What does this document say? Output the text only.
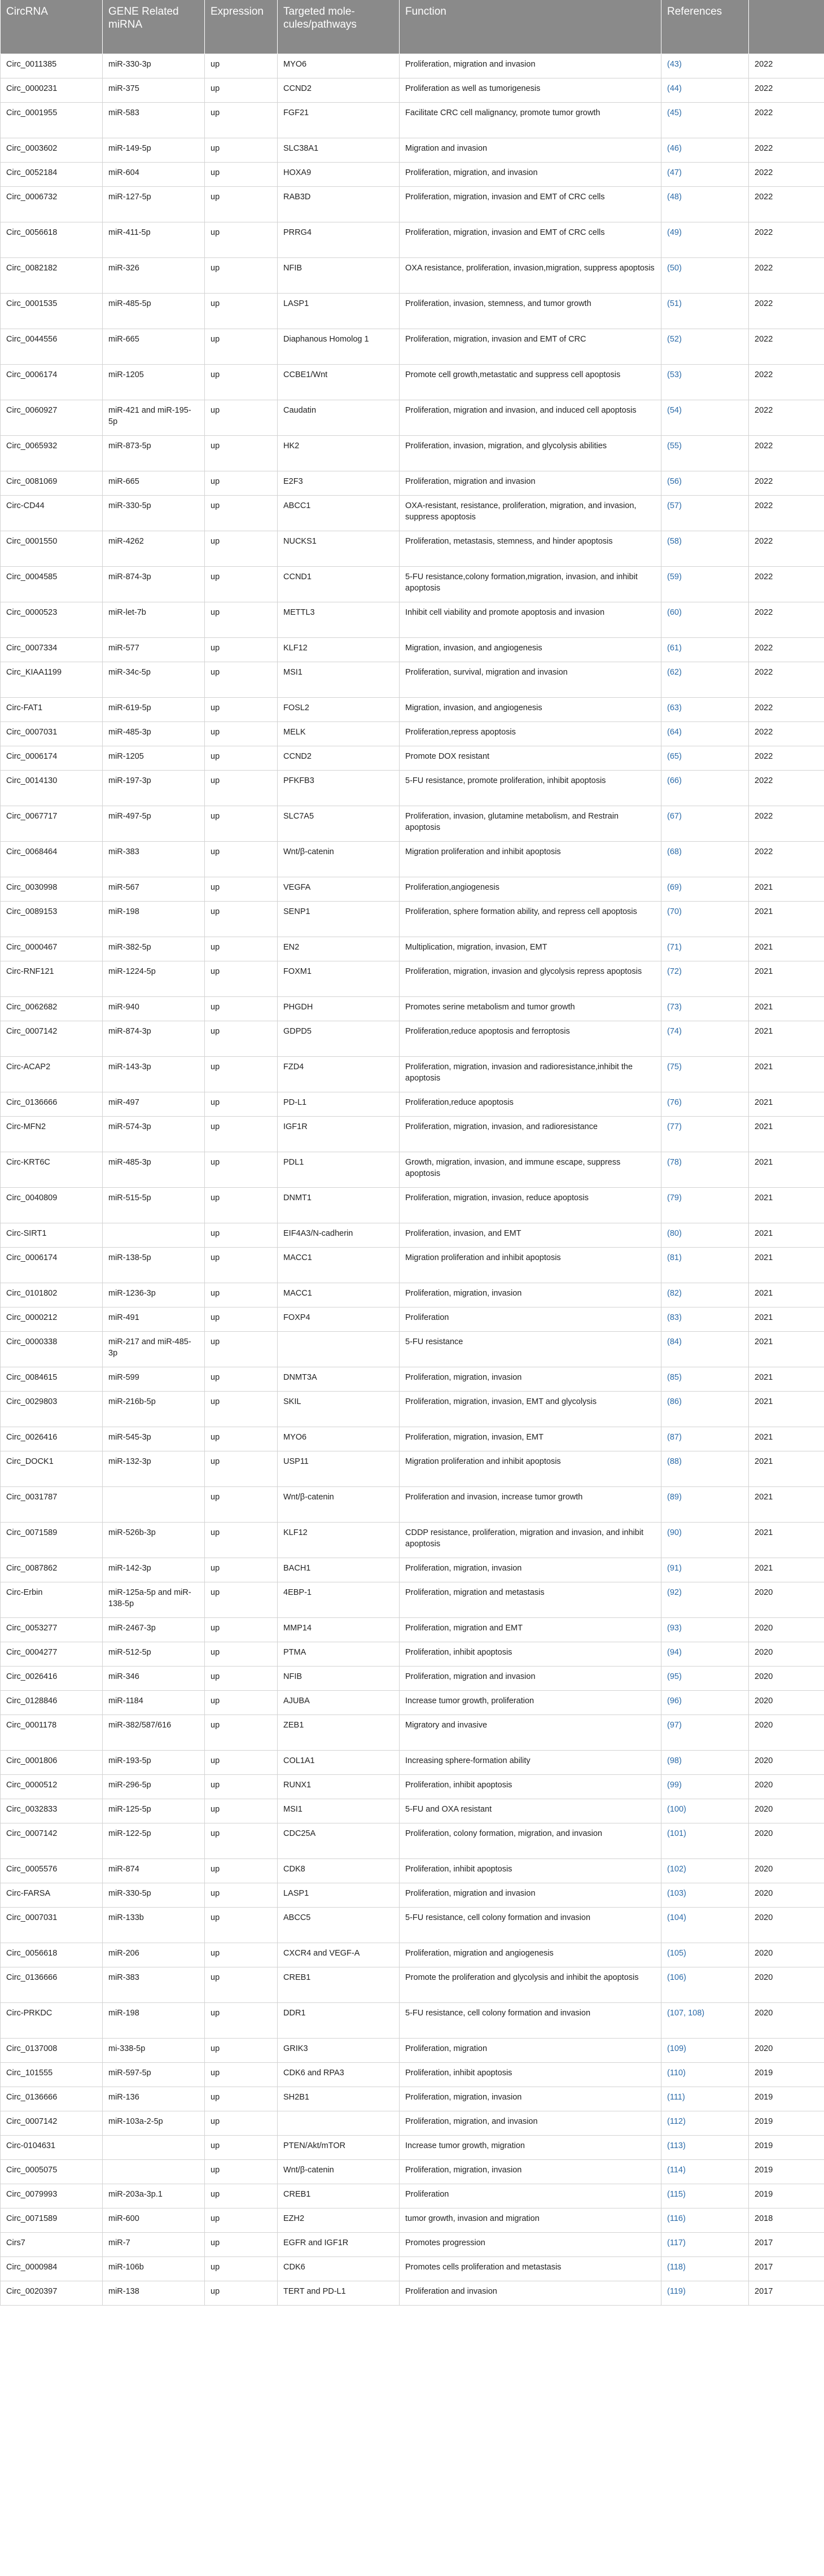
CircRNA	GENE Related miRNA	Expression	Targeted mole-cules/pathways	Function	References	
Circ_0011385	miR-330-3p	up	MYO6	Proliferation, migration and invasion	(43)	2022
Circ_0000231	miR-375	up	CCND2	Proliferation as well as tumorigenesis	(44)	2022
Circ_0001955	miR-583	up	FGF21	Facilitate CRC cell malignancy, promote tumor growth	(45)	2022
Circ_0003602	miR-149-5p	up	SLC38A1	Migration and invasion	(46)	2022
Circ_0052184	miR-604	up	HOXA9	Proliferation, migration, and invasion	(47)	2022
Circ_0006732	miR-127-5p	up	RAB3D	Proliferation, migration, invasion and EMT of CRC cells	(48)	2022
Circ_0056618	miR-411-5p	up	PRRG4	Proliferation, migration, invasion and EMT of CRC cells	(49)	2022
Circ_0082182	miR-326	up	NFIB	OXA resistance, proliferation, invasion,migration, suppress apoptosis	(50)	2022
Circ_0001535	miR-485-5p	up	LASP1	Proliferation, invasion, stemness, and tumor growth	(51)	2022
Circ_0044556	miR-665	up	Diaphanous Homolog 1	Proliferation, migration, invasion and EMT of CRC	(52)	2022
Circ_0006174	miR-1205	up	CCBE1/Wnt	Promote cell growth,metastatic and suppress cell apoptosis	(53)	2022
Circ_0060927	miR-421 and miR-195-5p	up	Caudatin	Proliferation, migration and invasion, and induced cell apoptosis	(54)	2022
Circ_0065932	miR-873-5p	up	HK2	Proliferation, invasion, migration, and glycolysis abilities	(55)	2022
Circ_0081069	miR-665	up	E2F3	Proliferation, migration and invasion	(56)	2022
Circ-CD44	miR-330-5p	up	ABCC1	OXA-resistant, resistance, proliferation, migration, and invasion, suppress apoptosis	(57)	2022
Circ_0001550	miR-4262	up	NUCKS1	Proliferation, metastasis, stemness, and hinder apoptosis	(58)	2022
Circ_0004585	miR-874-3p	up	CCND1	5-FU resistance,colony formation,migration, invasion, and inhibit apoptosis	(59)	2022
Circ_0000523	miR-let-7b	up	METTL3	Inhibit cell viability and promote apoptosis and invasion	(60)	2022
Circ_0007334	miR-577	up	KLF12	Migration, invasion, and angiogenesis	(61)	2022
Circ_KIAA1199	miR-34c-5p	up	MSI1	Proliferation, survival, migration and invasion	(62)	2022
Circ-FAT1	miR-619-5p	up	FOSL2	Migration, invasion, and angiogenesis	(63)	2022
Circ_0007031	miR-485-3p	up	MELK	Proliferation,repress apoptosis	(64)	2022
Circ_0006174	miR-1205	up	CCND2	Promote DOX resistant	(65)	2022
Circ_0014130	miR-197-3p	up	PFKFB3	5-FU resistance, promote proliferation, inhibit apoptosis	(66)	2022
Circ_0067717	miR-497-5p	up	SLC7A5	Proliferation, invasion, glutamine metabolism, and Restrain apoptosis	(67)	2022
Circ_0068464	miR-383	up	Wnt/β-catenin	Migration proliferation and inhibit apoptosis	(68)	2022
Circ_0030998	miR-567	up	VEGFA	Proliferation,angiogenesis	(69)	2021
Circ_0089153	miR-198	up	SENP1	Proliferation, sphere formation ability, and repress cell apoptosis	(70)	2021
Circ_0000467	miR-382-5p	up	EN2	Multiplication, migration, invasion, EMT	(71)	2021
Circ-RNF121	miR-1224-5p	up	FOXM1	Proliferation, migration, invasion and glycolysis repress apoptosis	(72)	2021
Circ_0062682	miR-940	up	PHGDH	Promotes serine metabolism and tumor growth	(73)	2021
Circ_0007142	miR-874-3p	up	GDPD5	Proliferation,reduce apoptosis and ferroptosis	(74)	2021
Circ-ACAP2	miR-143-3p	up	FZD4	Proliferation, migration, invasion and radioresistance,inhibit the apoptosis	(75)	2021
Circ_0136666	miR-497	up	PD-L1	Proliferation,reduce apoptosis	(76)	2021
Circ-MFN2	miR-574-3p	up	IGF1R	Proliferation, migration, invasion, and radioresistance	(77)	2021
Circ-KRT6C	miR-485-3p	up	PDL1	Growth, migration, invasion, and immune escape, suppress apoptosis	(78)	2021
Circ_0040809	miR-515-5p	up	DNMT1	Proliferation, migration, invasion, reduce apoptosis	(79)	2021
Circ-SIRT1		up	EIF4A3/N-cadherin	Proliferation, invasion, and EMT	(80)	2021
Circ_0006174	miR-138-5p	up	MACC1	Migration proliferation and inhibit apoptosis	(81)	2021
Circ_0101802	miR-1236-3p	up	MACC1	Proliferation, migration, invasion	(82)	2021
Circ_0000212	miR-491	up	FOXP4	Proliferation	(83)	2021
Circ_0000338	miR-217 and miR-485-3p	up		5-FU resistance	(84)	2021
Circ_0084615	miR-599	up	DNMT3A	Proliferation, migration, invasion	(85)	2021
Circ_0029803	miR-216b-5p	up	SKIL	Proliferation, migration, invasion, EMT and glycolysis	(86)	2021
Circ_0026416	miR-545-3p	up	MYO6	Proliferation, migration, invasion, EMT	(87)	2021
Circ_DOCK1	miR-132-3p	up	USP11	Migration proliferation and inhibit apoptosis	(88)	2021
Circ_0031787		up	Wnt/β-catenin	Proliferation and invasion, increase tumor growth	(89)	2021
Circ_0071589	miR-526b-3p	up	KLF12	CDDP resistance, proliferation, migration and invasion, and inhibit apoptosis	(90)	2021
Circ_0087862	miR-142-3p	up	BACH1	Proliferation, migration, invasion	(91)	2021
Circ-Erbin	miR-125a-5p and miR-138-5p	up	4EBP-1	Proliferation, migration and metastasis	(92)	2020
Circ_0053277	miR-2467-3p	up	MMP14	Proliferation, migration and EMT	(93)	2020
Circ_0004277	miR-512-5p	up	PTMA	Proliferation, inhibit apoptosis	(94)	2020
Circ_0026416	miR-346	up	NFIB	Proliferation, migration and invasion	(95)	2020
Circ_0128846	miR-1184	up	AJUBA	Increase tumor growth, proliferation	(96)	2020
Circ_0001178	miR-382/587/616	up	ZEB1	Migratory and invasive	(97)	2020
Circ_0001806	miR-193-5p	up	COL1A1	Increasing sphere-formation ability	(98)	2020
Circ_0000512	miR-296-5p	up	RUNX1	Proliferation, inhibit apoptosis	(99)	2020
Circ_0032833	miR-125-5p	up	MSI1	5-FU and OXA resistant	(100)	2020
Circ_0007142	miR-122-5p	up	CDC25A	Proliferation, colony formation, migration, and invasion	(101)	2020
Circ_0005576	miR-874	up	CDK8	Proliferation, inhibit apoptosis	(102)	2020
Circ-FARSA	miR-330-5p	up	LASP1	Proliferation, migration and invasion	(103)	2020
Circ_0007031	miR-133b	up	ABCC5	5-FU resistance, cell colony formation and invasion	(104)	2020
Circ_0056618	miR-206	up	CXCR4 and VEGF-A	Proliferation, migration and angiogenesis	(105)	2020
Circ_0136666	miR-383	up	CREB1	Promote the proliferation and glycolysis and inhibit the apoptosis	(106)	2020
Circ-PRKDC	miR-198	up	DDR1	5-FU resistance, cell colony formation and invasion	(107, 108)	2020
Circ_0137008	mi-338-5p	up	GRIK3	Proliferation, migration	(109)	2020
Circ_101555	miR-597-5p	up	CDK6 and RPA3	Proliferation, inhibit apoptosis	(110)	2019
Circ_0136666	miR-136	up	SH2B1	Proliferation, migration, invasion	(111)	2019
Circ_0007142	miR-103a-2-5p	up		Proliferation, migration, and invasion	(112)	2019
Circ-0104631		up	PTEN/Akt/mTOR	Increase tumor growth, migration	(113)	2019
Circ_0005075		up	Wnt/β-catenin	Proliferation, migration, invasion	(114)	2019
Circ_0079993	miR-203a-3p.1	up	CREB1	Proliferation	(115)	2019
Circ_0071589	miR-600	up	EZH2	tumor growth, invasion and migration	(116)	2018
Cirs7	miR-7	up	EGFR and IGF1R	Promotes progression	(117)	2017
Circ_0000984	miR-106b	up	CDK6	Promotes cells proliferation and metastasis	(118)	2017
Circ_0020397	miR-138	up	TERT and PD-L1	Proliferation and invasion	(119)	2017
